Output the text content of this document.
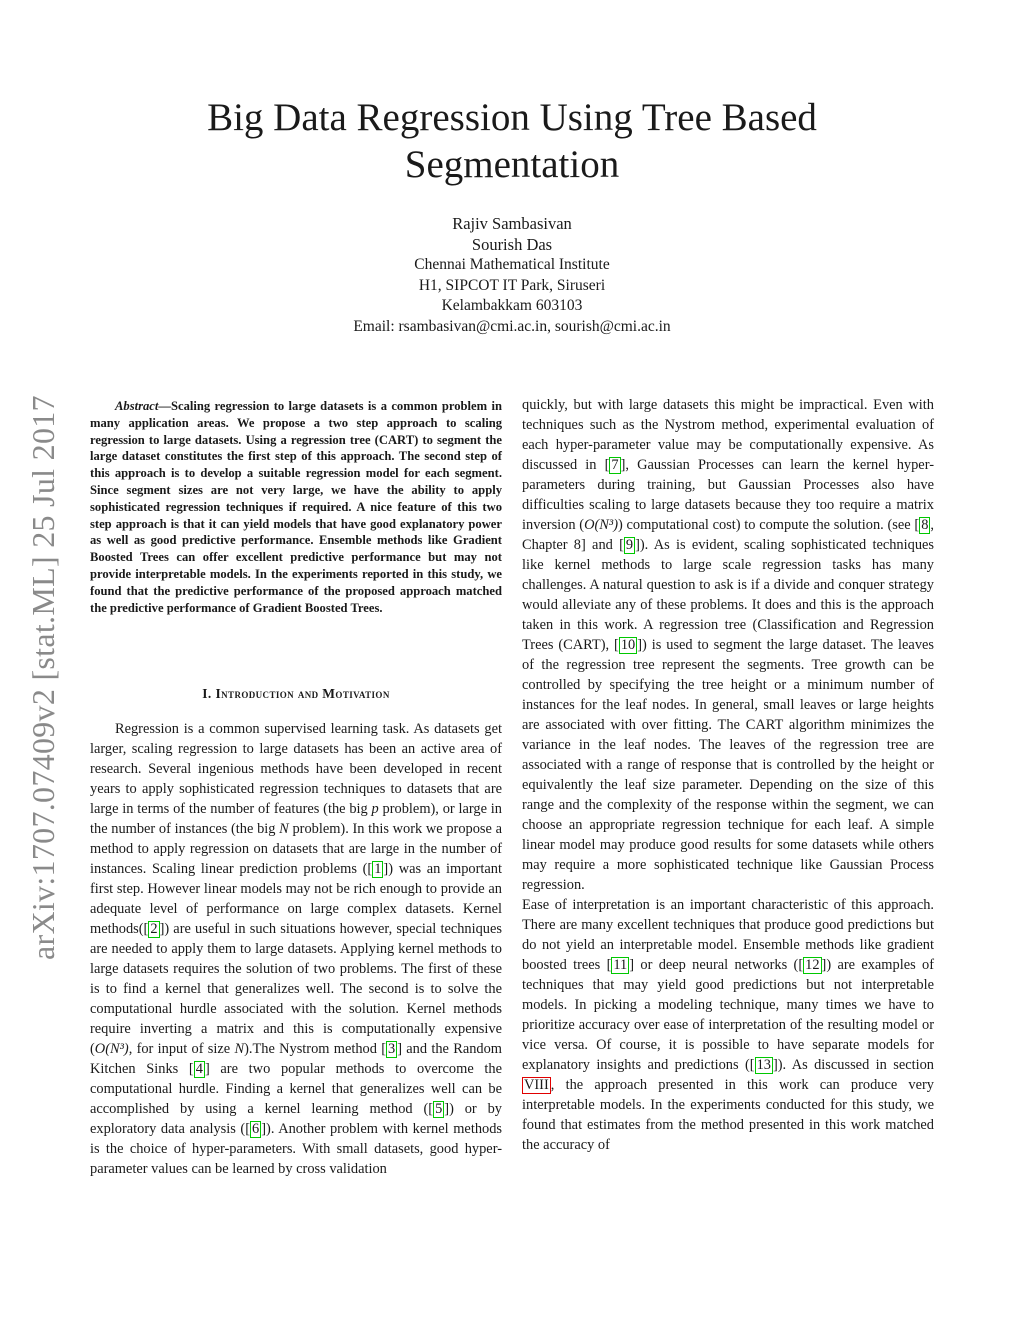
arXiv:1707.07409v2 [stat.ML] 25 Jul 2017
Big Data Regression Using Tree Based Segmentation
Rajiv Sambasivan
Sourish Das
Chennai Mathematical Institute
H1, SIPCOT IT Park, Siruseri
Kelambakkam 603103
Email: rsambasivan@cmi.ac.in, sourish@cmi.ac.in

Abstract—Scaling regression to large datasets is a common problem in many application areas. We propose a two step approach to scaling regression to large datasets. Using a regression tree (CART) to segment the large dataset constitutes the first step of this approach. The second step of this approach is to develop a suitable regression model for each segment. Since segment sizes are not very large, we have the ability to apply sophisticated regression techniques if required. A nice feature of this two step approach is that it can yield models that have good explanatory power as well as good predictive performance. Ensemble methods like Gradient Boosted Trees can offer excellent predictive performance but may not provide interpretable models. In the experiments reported in this study, we found that the predictive performance of the proposed approach matched the predictive performance of Gradient Boosted Trees.

I. Introduction and Motivation

Regression is a common supervised learning task. As datasets get larger, scaling regression to large datasets has been an active area of research. Several ingenious methods have been developed in recent years to apply sophisticated regression techniques to datasets that are large in terms of the number of features (the big p problem), or large in the number of instances (the big N problem). In this work we propose a method to apply regression on datasets that are large in the number of instances. Scaling linear prediction problems ([ 1 ]) was an important first step. However linear models may not be rich enough to provide an adequate level of performance on large complex datasets. Kernel methods([ 2 ]) are useful in such situations however, special techniques are needed to apply them to large datasets. Applying kernel methods to large datasets requires the solution of two problems. The first of these is to find a kernel that generalizes well. The second is to solve the computational hurdle associated with the solution. Kernel methods require inverting a matrix and this is computationally expensive (O(N³), for input of size N).The Nystrom method [ 3 ] and the Random Kitchen Sinks [ 4 ] are two popular methods to overcome the computational hurdle. Finding a kernel that generalizes well can be accomplished by using a kernel learning method ([ 5 ]) or by exploratory data analysis ([ 6 ]). Another problem with kernel methods is the choice of hyper-parameters. With small datasets, good hyper-parameter values can be learned by cross validation

quickly, but with large datasets this might be impractical. Even with techniques such as the Nystrom method, experimental evaluation of each hyper-parameter value may be computationally expensive. As discussed in [ 7 ], Gaussian Processes can learn the kernel hyper-parameters during training, but Gaussian Processes also have difficulties scaling to large datasets because they too require a matrix inversion (O(N³)) computational cost) to compute the solution. (see [ 8 , Chapter 8] and [ 9 ]). As is evident, scaling sophisticated techniques like kernel methods to large scale regression tasks has many challenges. A natural question to ask is if a divide and conquer strategy would alleviate any of these problems. It does and this is the approach taken in this work. A regression tree (Classification and Regression Trees (CART), [ 10 ]) is used to segment the large dataset. The leaves of the regression tree represent the segments. Tree growth can be controlled by specifying the tree height or a minimum number of instances for the leaf nodes. In general, small leaves or large heights are associated with over fitting. The CART algorithm minimizes the variance in the leaf nodes. The leaves of the regression tree are associated with a range of response that is controlled by the height or equivalently the leaf size parameter. Depending on the size of this range and the complexity of the response within the segment, we can choose an appropriate regression technique for each leaf. A simple linear model may produce good results for some datasets while others may require a more sophisticated technique like Gaussian Process regression.

Ease of interpretation is an important characteristic of this approach. There are many excellent techniques that produce good predictions but do not yield an interpretable model. Ensemble methods like gradient boosted trees [ 11 ] or deep neural networks ([ 12 ]) are examples of techniques that may yield good predictions but not interpretable models. In picking a modeling technique, many times we have to prioritize accuracy over ease of interpretation of the resulting model or vice versa. Of course, it is possible to have separate models for explanatory insights and predictions ([ 13 ]). As discussed in section VIII , the approach presented in this work can produce very interpretable models. In the experiments conducted for this study, we found that estimates from the method presented in this work matched the accuracy of
